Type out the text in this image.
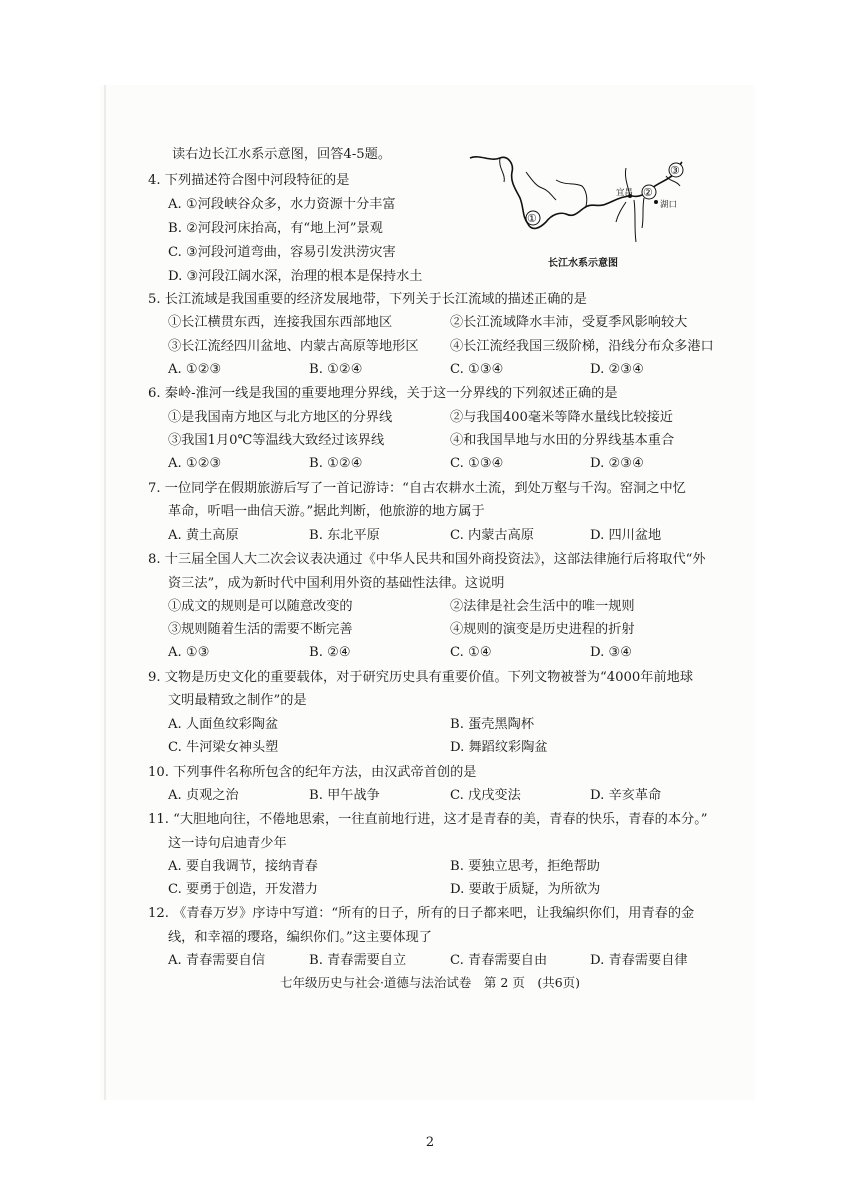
读右边长江水系示意图，回答4-5题。
①
②
③
宜昌
湖口
长江水系示意图
4. 下列描述符合图中河段特征的是
A. ①河段峡谷众多，水力资源十分丰富
B. ②河段河床抬高，有“地上河”景观
C. ③河段河道弯曲，容易引发洪涝灾害
D. ③河段江阔水深，治理的根本是保持水土
5. 长江流域是我国重要的经济发展地带，下列关于长江流域的描述正确的是
①长江横贯东西，连接我国东西部地区	②长江流域降水丰沛，受夏季风影响较大
③长江流经四川盆地、内蒙古高原等地形区 ④长江流经我国三级阶梯，沿线分布众多港口
A. ①②③	B. ①②④	C. ①③④	D. ②③④
6. 秦岭-淮河一线是我国的重要地理分界线，关于这一分界线的下列叙述正确的是
①是我国南方地区与北方地区的分界线	②与我国400毫米等降水量线比较接近
③我国1月0℃等温线大致经过该界线	④和我国旱地与水田的分界线基本重合
A. ①②③	B. ①②④	C. ①③④	D. ②③④
7. 一位同学在假期旅游后写了一首记游诗：“自古农耕水土流，到处万壑与千沟。窑洞之中忆
革命，听唱一曲信天游。”据此判断，他旅游的地方属于
A. 黄土高原	B. 东北平原	C. 内蒙古高原	D. 四川盆地
8. 十三届全国人大二次会议表决通过《中华人民共和国外商投资法》，这部法律施行后将取代“外
资三法”，成为新时代中国利用外资的基础性法律。这说明
①成文的规则是可以随意改变的	②法律是社会生活中的唯一规则
③规则随着生活的需要不断完善	④规则的演变是历史进程的折射
A. ①③	B. ②④	C. ①④	D. ③④
9. 文物是历史文化的重要载体，对于研究历史具有重要价值。下列文物被誉为“4000年前地球
文明最精致之制作”的是
A. 人面鱼纹彩陶盆	B. 蛋壳黑陶杯
C. 牛河梁女神头塑	D. 舞蹈纹彩陶盆
10. 下列事件名称所包含的纪年方法，由汉武帝首创的是
A. 贞观之治	B. 甲午战争	C. 戊戌变法	D. 辛亥革命
11. “大胆地向往，不倦地思索，一往直前地行进，这才是青春的美，青春的快乐，青春的本分。”
这一诗句启迪青少年
A. 要自我调节，接纳青春	B. 要独立思考，拒绝帮助
C. 要勇于创造，开发潜力	D. 要敢于质疑，为所欲为
12. 《青春万岁》序诗中写道：“所有的日子，所有的日子都来吧，让我编织你们，用青春的金
线，和幸福的璎珞，编织你们。”这主要体现了
A. 青春需要自信	B. 青春需要自立	C. 青春需要自由	D. 青春需要自律
七年级历史与社会·道德与法治试卷　第 2 页　(共6页)
2
